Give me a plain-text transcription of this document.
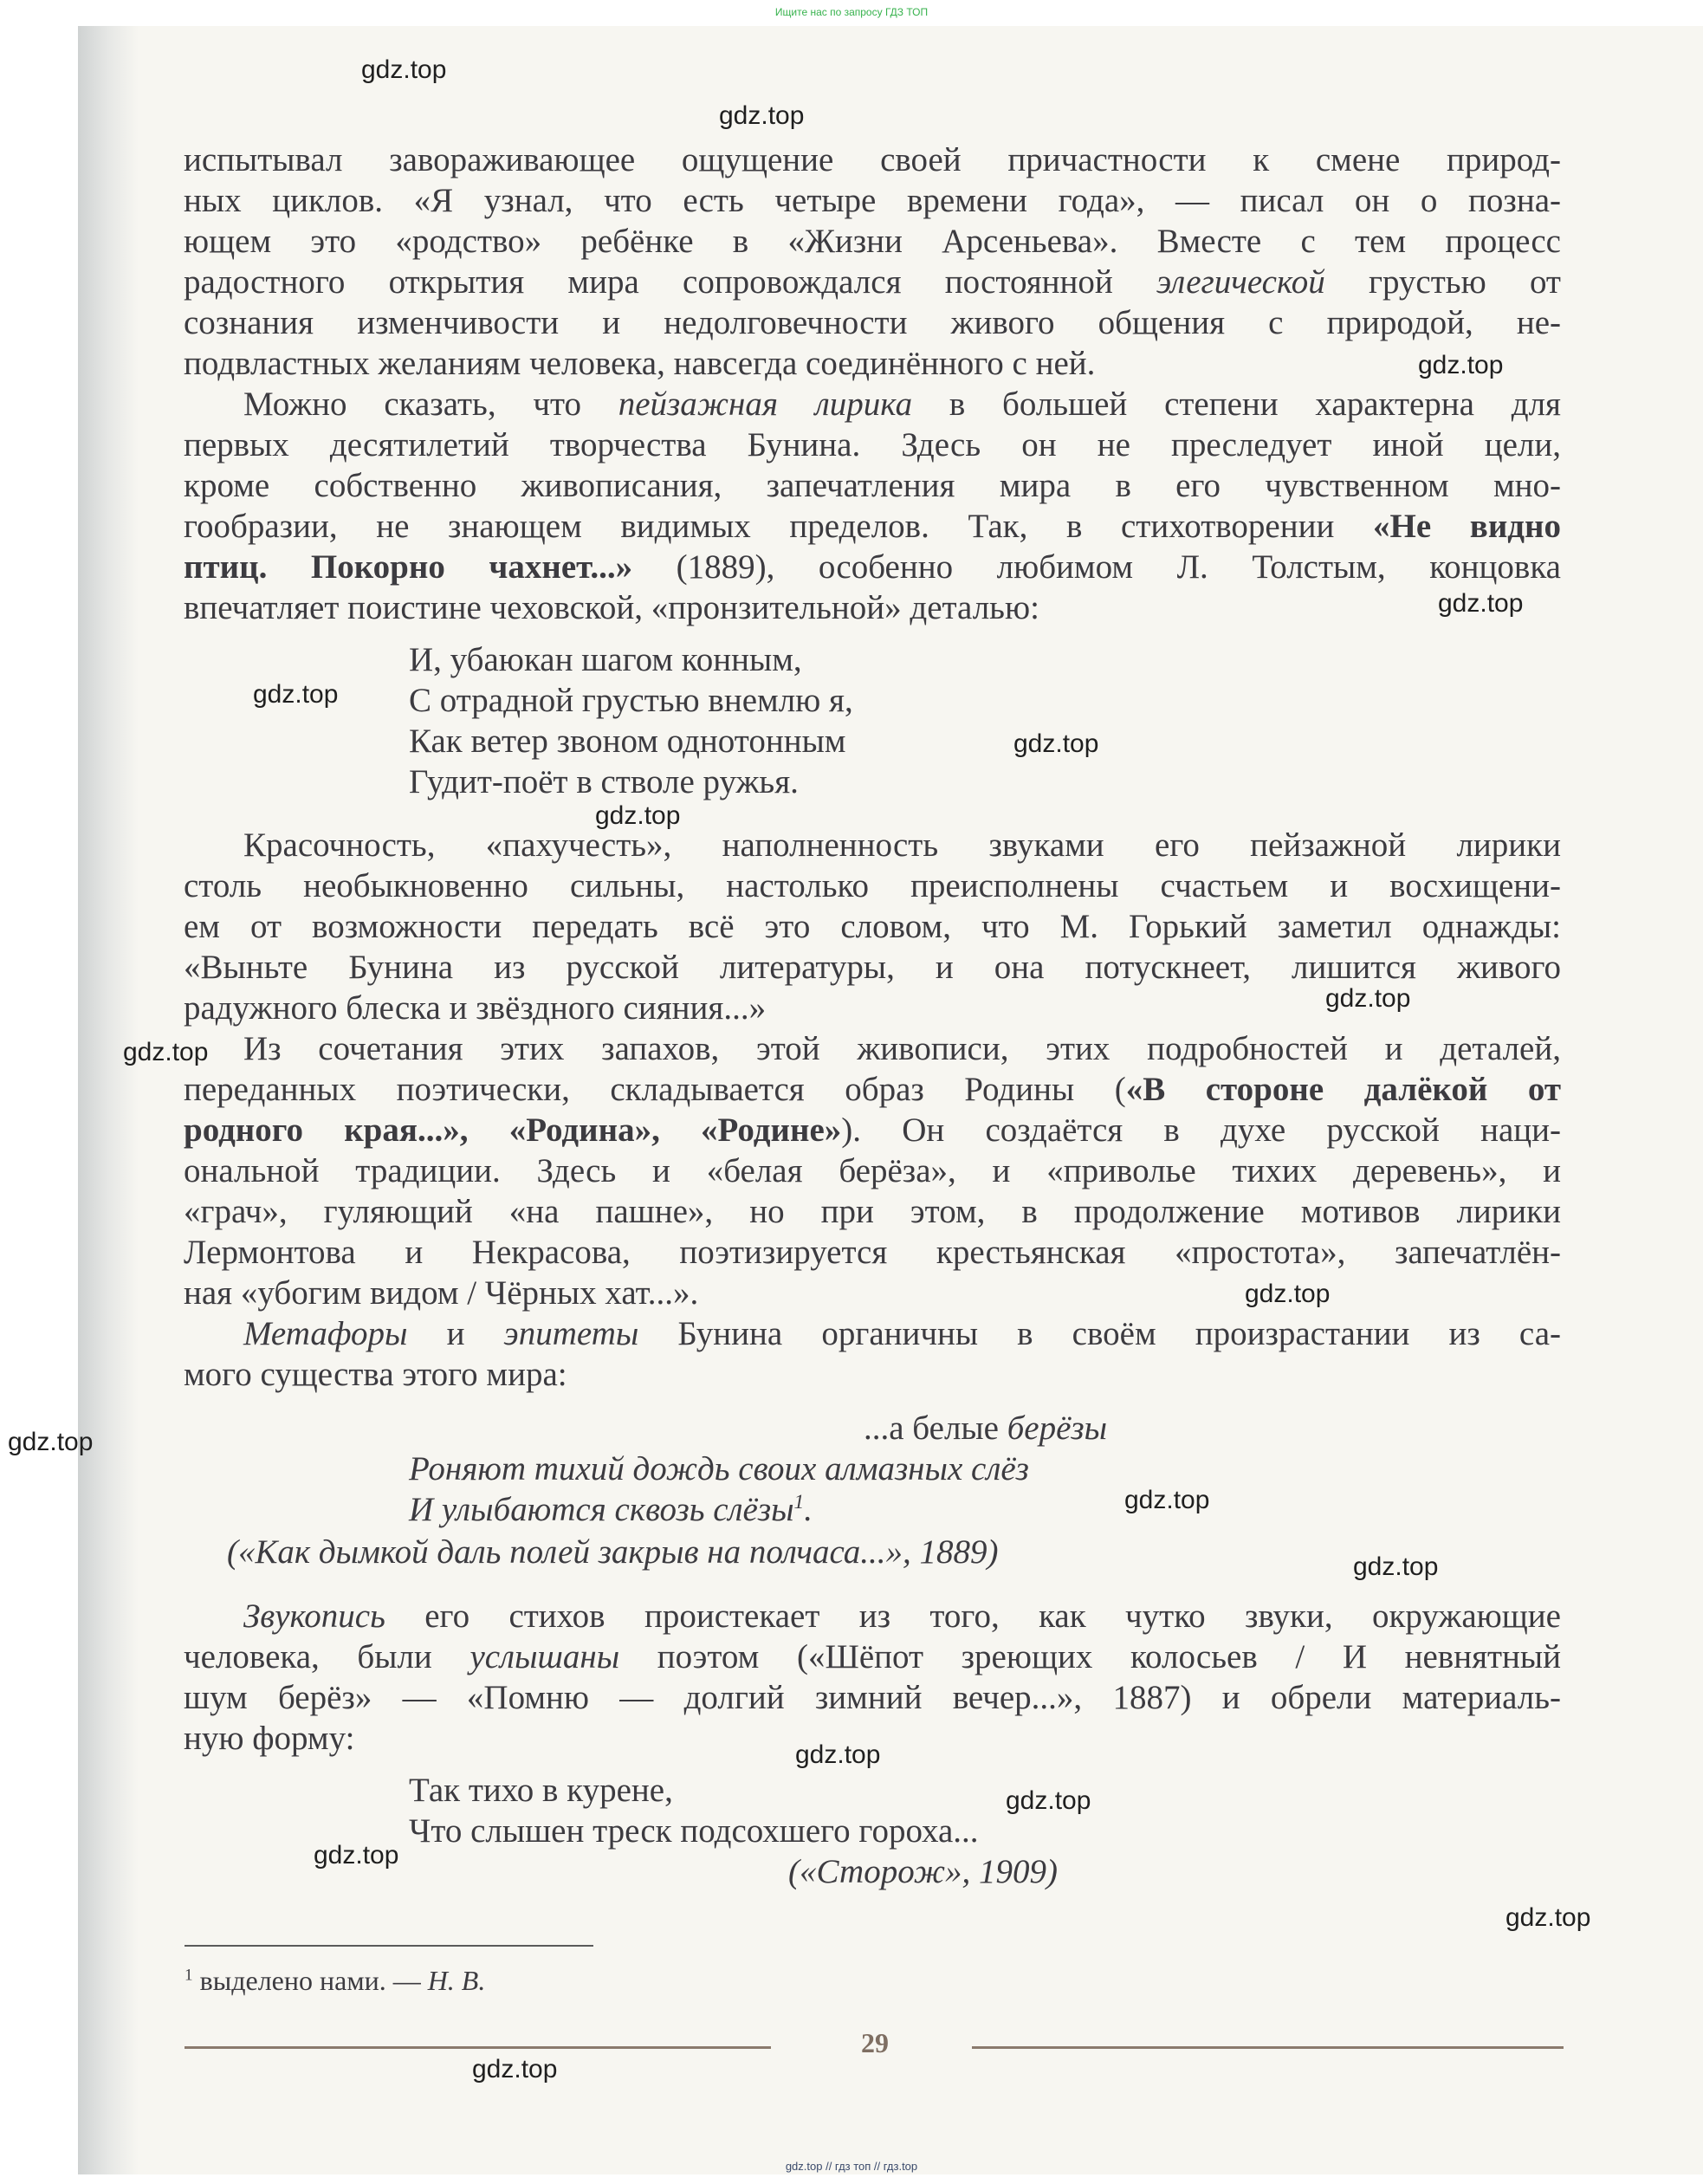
Ищите нас по запросу ГДЗ ТОП
испытывал завораживающее ощущение своей причастности к смене природ-
ных циклов. «Я узнал, что есть четыре времени года», — писал он о позна-
ющем это «родство» ребёнке в «Жизни Арсеньева». Вместе с тем процесс
радостного открытия мира сопровождался постоянной элегической грустью от
сознания изменчивости и недолговечности живого общения с природой, не-
подвластных желаниям человека, навсегда соединённого с ней.
Можно сказать, что пейзажная лирика в большей степени характерна для
первых десятилетий творчества Бунина. Здесь он не преследует иной цели,
кроме собственно живописания, запечатления мира в его чувственном мно-
гообразии, не знающем видимых пределов. Так, в стихотворении «Не видно
птиц. Покорно чахнет...» (1889), особенно любимом Л. Толстым, концовка
впечатляет поистине чеховской, «пронзительной» деталью:
И, убаюкан шагом конным,
С отрадной грустью внемлю я,
Как ветер звоном однотонным
Гудит-поёт в стволе ружья.
Красочность, «пахучесть», наполненность звуками его пейзажной лирики
столь необыкновенно сильны, настолько преисполнены счастьем и восхищени-
ем от возможности передать всё это словом, что М. Горький заметил однажды:
«Выньте Бунина из русской литературы, и она потускнеет, лишится живого
радужного блеска и звёздного сияния...»
Из сочетания этих запахов, этой живописи, этих подробностей и деталей,
переданных поэтически, складывается образ Родины («В стороне далёкой от
родного края...», «Родина», «Родине»). Он создаётся в духе русской наци-
ональной традиции. Здесь и «белая берёза», и «приволье тихих деревень», и
«грач», гуляющий «на пашне», но при этом, в продолжение мотивов лирики
Лермонтова и Некрасова, поэтизируется крестьянская «простота», запечатлён-
ная «убогим видом / Чёрных хат...».
Метафоры и эпитеты Бунина органичны в своём произрастании из са-
мого существа этого мира:
...а белые берёзы
Роняют тихий дождь своих алмазных слёз
И улыбаются сквозь слёзы$^1$.
(«Как дымкой даль полей закрыв на полчаса...», 1889)
Звукопись его стихов проистекает из того, как чутко звуки, окружающие
человека, были услышаны поэтом («Шёпот зреющих колосьев / И невнятный
шум берёз» — «Помню — долгий зимний вечер...», 1887) и обрели материаль-
ную форму:
Так тихо в курене,
Что слышен треск подсохшего гороха...
(«Сторож», 1909)
$^1$ выделено нами. — Н. В.
29
gdz.top
gdz.top
gdz.top
gdz.top
gdz.top
gdz.top
gdz.top
gdz.top
gdz.top
gdz.top
gdz.top
gdz.top
gdz.top
gdz.top
gdz.top
gdz.top
gdz.top
gdz.top
gdz.top // гдз топ // гдз.top
